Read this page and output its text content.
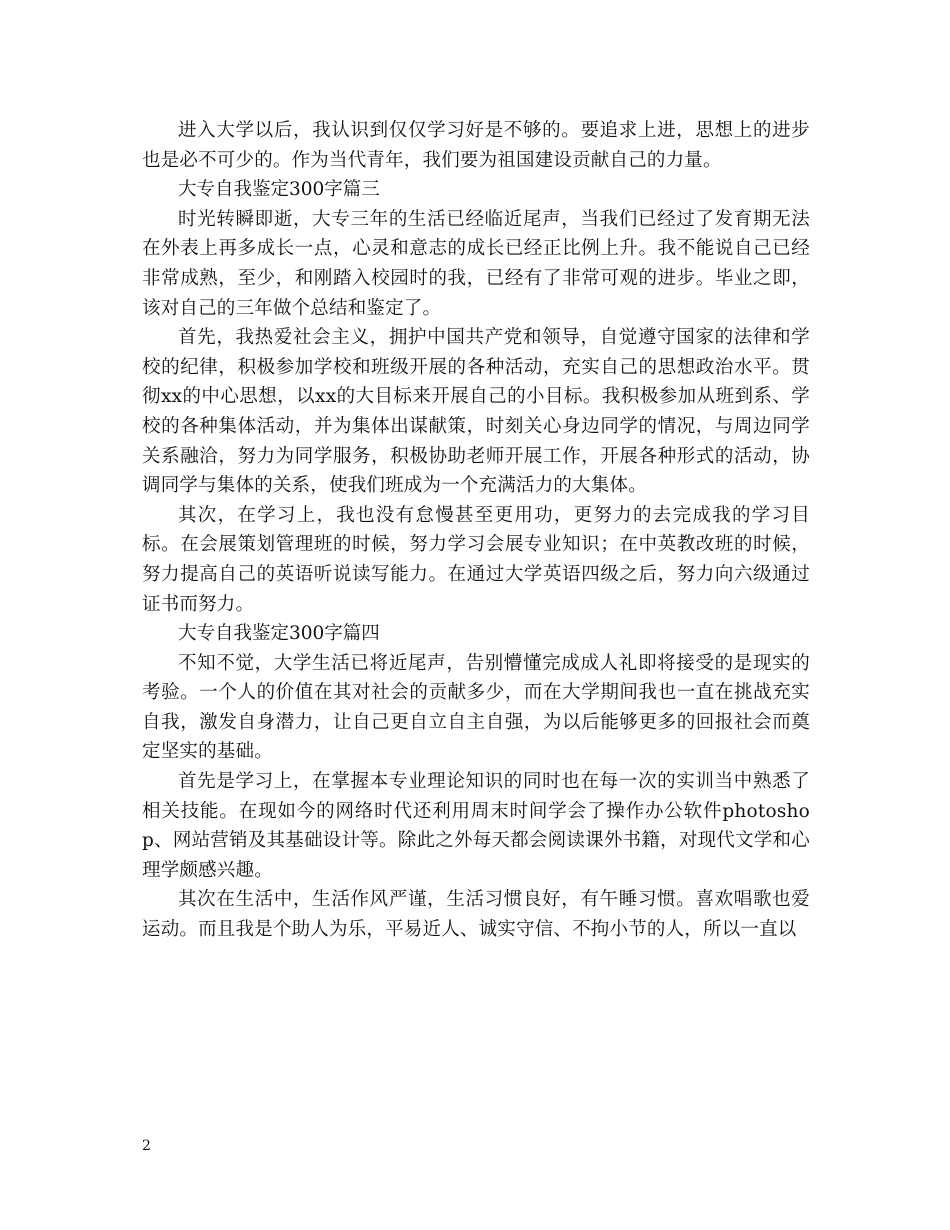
进入大学以后，我认识到仅仅学习好是不够的。要追求上进，思想上的进步也是必不可少的。作为当代青年，我们要为祖国建设贡献自己的力量。

大专自我鉴定300字篇三

时光转瞬即逝，大专三年的生活已经临近尾声，当我们已经过了发育期无法在外表上再多成长一点，心灵和意志的成长已经正比例上升。我不能说自己已经非常成熟，至少，和刚踏入校园时的我，已经有了非常可观的进步。毕业之即，该对自己的三年做个总结和鉴定了。

首先，我热爱社会主义，拥护中国共产党和领导，自觉遵守国家的法律和学校的纪律，积极参加学校和班级开展的各种活动，充实自己的思想政治水平。贯彻xx的中心思想，以xx的大目标来开展自己的小目标。我积极参加从班到系、学校的各种集体活动，并为集体出谋献策，时刻关心身边同学的情况，与周边同学关系融洽，努力为同学服务，积极协助老师开展工作，开展各种形式的活动，协调同学与集体的关系，使我们班成为一个充满活力的大集体。

其次，在学习上，我也没有怠慢甚至更用功，更努力的去完成我的学习目标。在会展策划管理班的时候，努力学习会展专业知识；在中英教改班的时候，努力提高自己的英语听说读写能力。在通过大学英语四级之后，努力向六级通过证书而努力。

大专自我鉴定300字篇四

不知不觉，大学生活已将近尾声，告别懵懂完成成人礼即将接受的是现实的考验。一个人的价值在其对社会的贡献多少，而在大学期间我也一直在挑战充实自我，激发自身潜力，让自己更自立自主自强，为以后能够更多的回报社会而奠定坚实的基础。

首先是学习上，在掌握本专业理论知识的同时也在每一次的实训当中熟悉了相关技能。在现如今的网络时代还利用周末时间学会了操作办公软件photoshop、网站营销及其基础设计等。除此之外每天都会阅读课外书籍，对现代文学和心理学颇感兴趣。

其次在生活中，生活作风严谨，生活习惯良好，有午睡习惯。喜欢唱歌也爱运动。而且我是个助人为乐，平易近人、诚实守信、不拘小节的人，所以一直以

2
